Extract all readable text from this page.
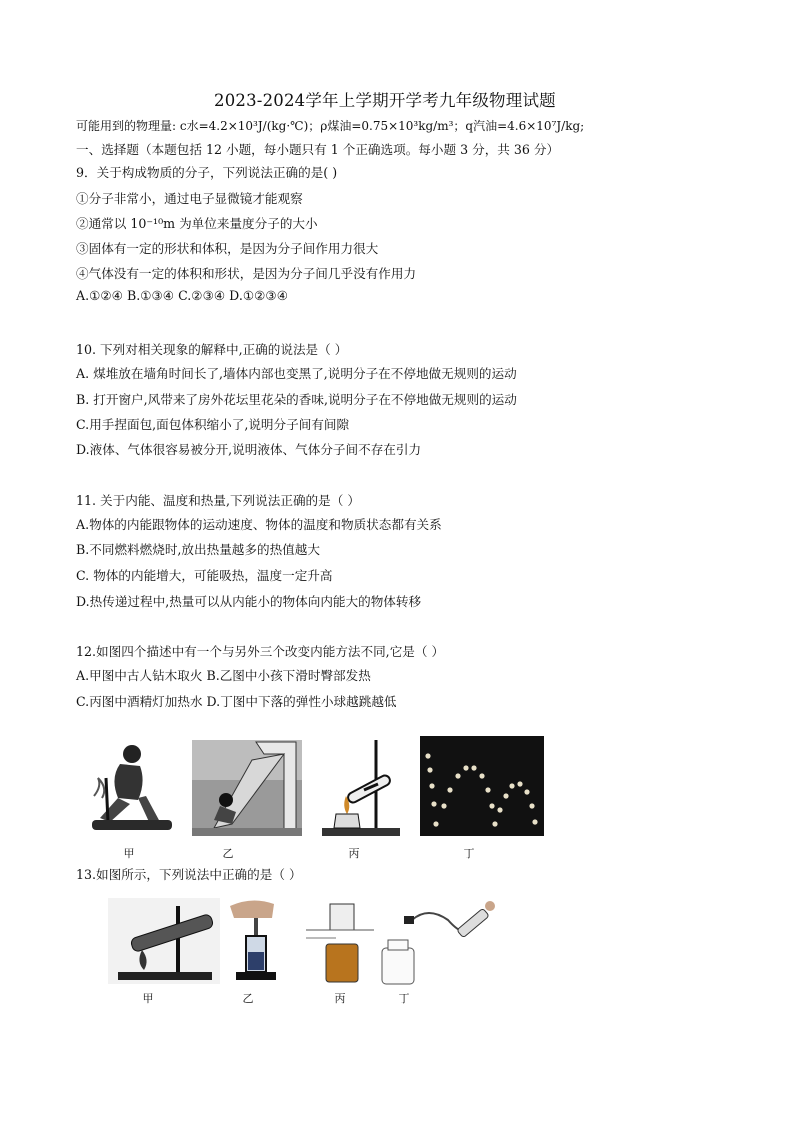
2023-2024学年上学期开学考九年级物理试题
可能用到的物理量: c水=4.2×10³J/(kg·℃)；ρ煤油=0.75×10³kg/m³；q汽油=4.6×10⁷J/kg;
一、选择题（本题包括 12 小题，每小题只有 1 个正确选项。每小题 3 分，共 36 分）
9．关于构成物质的分子，下列说法正确的是( )
①分子非常小，通过电子显微镜才能观察
②通常以 10⁻¹⁰m 为单位来量度分子的大小
③固体有一定的形状和体积，是因为分子间作用力很大
④气体没有一定的体积和形状，是因为分子间几乎没有作用力
A.①②④ B.①③④ C.②③④ D.①②③④
10. 下列对相关现象的解释中,正确的说法是（ ）
A. 煤堆放在墙角时间长了,墙体内部也变黑了,说明分子在不停地做无规则的运动
B. 打开窗户,风带来了房外花坛里花朵的香味,说明分子在不停地做无规则的运动
C.用手捏面包,面包体积缩小了,说明分子间有间隙
D.液体、气体很容易被分开,说明液体、气体分子间不存在引力
11. 关于内能、温度和热量,下列说法正确的是（ ）
A.物体的内能跟物体的运动速度、物体的温度和物质状态都有关系
B.不同燃料燃烧时,放出热量越多的热值越大
C. 物体的内能增大，可能吸热，温度一定升高
D.热传递过程中,热量可以从内能小的物体向内能大的物体转移
12.如图四个描述中有一个与另外三个改变内能方法不同,它是（ ）
A.甲图中古人钻木取火 B.乙图中小孩下滑时臀部发热
C.丙图中酒精灯加热水 D.丁图中下落的弹性小球越跳越低
甲	乙	丙	丁
13.如图所示，下列说法中正确的是（ ）
甲	乙	丙	丁
